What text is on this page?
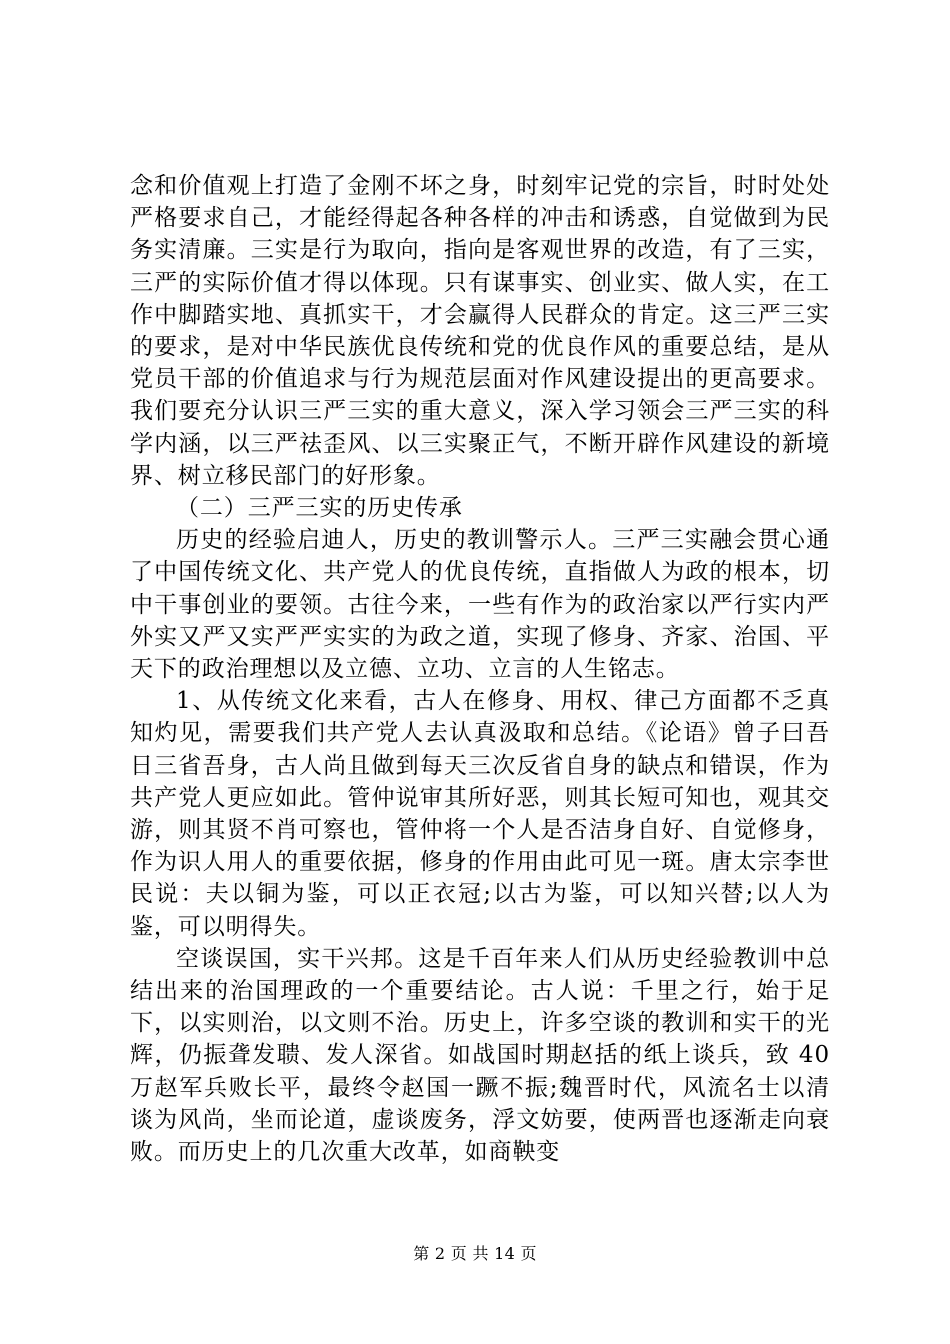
念和价值观上打造了金刚不坏之身，时刻牢记党的宗旨，时时处处严格要求自己，才能经得起各种各样的冲击和诱惑，自觉做到为民务实清廉。三实是行为取向，指向是客观世界的改造，有了三实，三严的实际价值才得以体现。只有谋事实、创业实、做人实，在工作中脚踏实地、真抓实干，才会赢得人民群众的肯定。这三严三实的要求，是对中华民族优良传统和党的优良作风的重要总结，是从党员干部的价值追求与行为规范层面对作风建设提出的更高要求。我们要充分认识三严三实的重大意义，深入学习领会三严三实的科学内涵，以三严祛歪风、以三实聚正气，不断开辟作风建设的新境界、树立移民部门的好形象。

（二）三严三实的历史传承

历史的经验启迪人，历史的教训警示人。三严三实融会贯心通了中国传统文化、共产党人的优良传统，直指做人为政的根本，切中干事创业的要领。古往今来，一些有作为的政治家以严行实内严外实又严又实严严实实的为政之道，实现了修身、齐家、治国、平天下的政治理想以及立德、立功、立言的人生铭志。

1、从传统文化来看，古人在修身、用权、律己方面都不乏真知灼见，需要我们共产党人去认真汲取和总结。《论语》曾子曰吾日三省吾身，古人尚且做到每天三次反省自身的缺点和错误，作为共产党人更应如此。管仲说审其所好恶，则其长短可知也，观其交游，则其贤不肖可察也，管仲将一个人是否洁身自好、自觉修身，作为识人用人的重要依据，修身的作用由此可见一斑。唐太宗李世民说：夫以铜为鉴，可以正衣冠;以古为鉴，可以知兴替;以人为鉴，可以明得失。

空谈误国，实干兴邦。这是千百年来人们从历史经验教训中总结出来的治国理政的一个重要结论。古人说：千里之行，始于足下，以实则治，以文则不治。历史上，许多空谈的教训和实干的光辉，仍振聋发聩、发人深省。如战国时期赵括的纸上谈兵，致 40 万赵军兵败长平，最终令赵国一蹶不振;魏晋时代，风流名士以清谈为风尚，坐而论道，虚谈废务，浮文妨要，使两晋也逐渐走向衰败。而历史上的几次重大改革，如商鞅变

第 2 页 共 14 页
